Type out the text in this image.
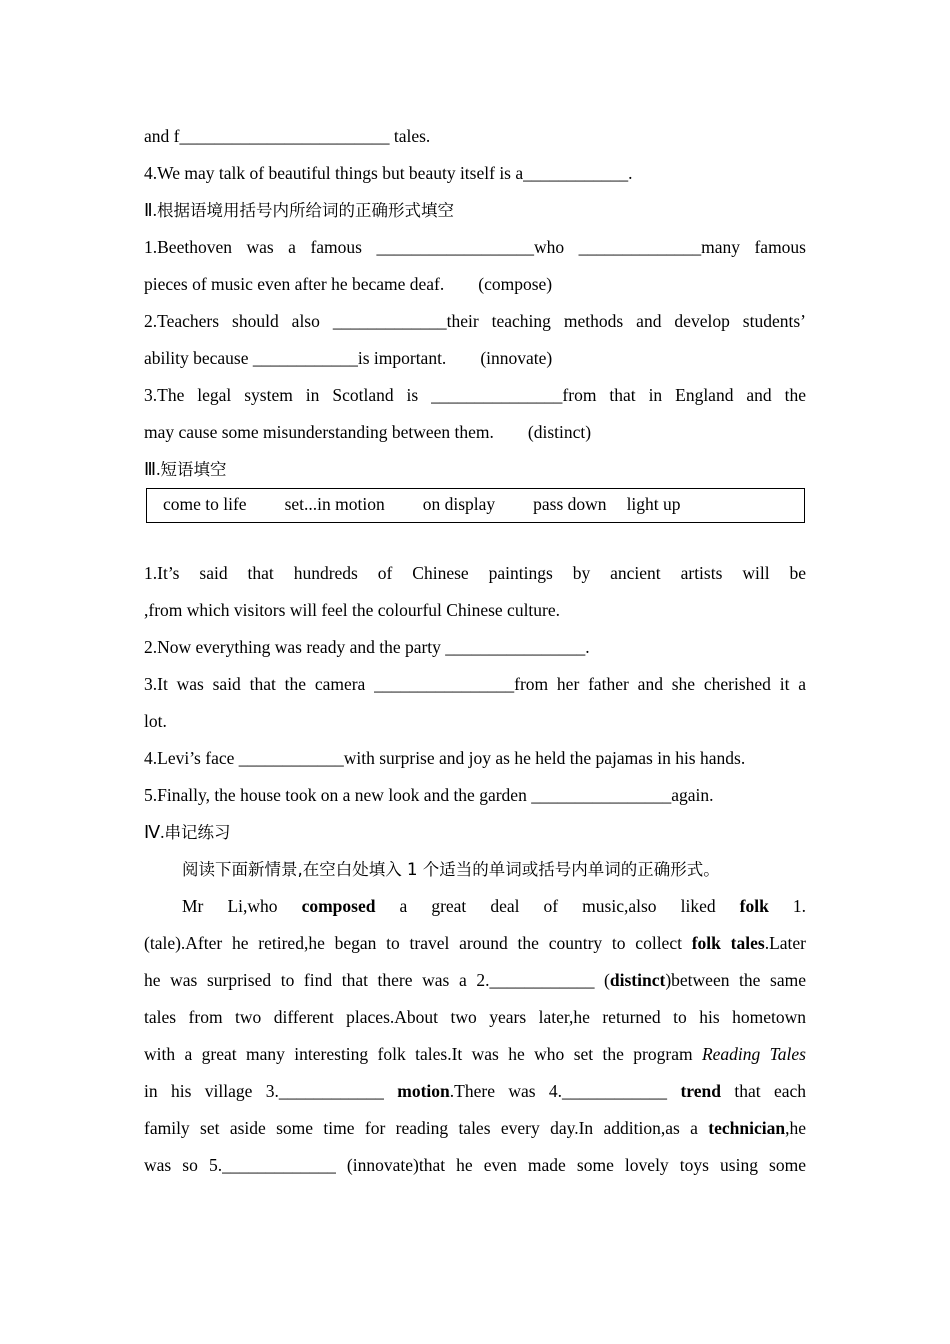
and f________________________ tales.
4.We may talk of beautiful things but beauty itself is a____________.
Ⅱ.根据语境用括号内所给词的正确形式填空
1.Beethoven was a famous __________________who ______________many famous
pieces of music even after he became deaf. (compose)
2.Teachers should also _____________their teaching methods and develop students’
ability because ____________is important. (innovate)
3.The legal system in Scotland is _______________from that in England and the
may cause some misunderstanding between them. (distinct)
Ⅲ.短语填空
come to life set...in motion on display pass down light up
1.It’s said that hundreds of Chinese paintings by ancient artists will be
,from which visitors will feel the colourful Chinese culture.
2.Now everything was ready and the party ________________.
3.It was said that the camera ________________from her father and she cherished it a
lot.
4.Levi’s face ____________with surprise and joy as he held the pajamas in his hands.
5.Finally, the house took on a new look and the garden ________________again.
Ⅳ.串记练习
阅读下面新情景,在空白处填入 1 个适当的单词或括号内单词的正确形式。
Mr Li,who composed a great deal of music,also liked folk 1.
(tale).After he retired,he began to travel around the country to collect folk tales.Later
he was surprised to find that there was a 2.____________ (distinct)between the same
tales from two different places.About two years later,he returned to his hometown
with a great many interesting folk tales.It was he who set the program Reading Tales
in his village 3.____________ motion.There was 4.____________ trend that each
family set aside some time for reading tales every day.In addition,as a technician,he
was so 5._____________ (innovate)that he even made some lovely toys using some
